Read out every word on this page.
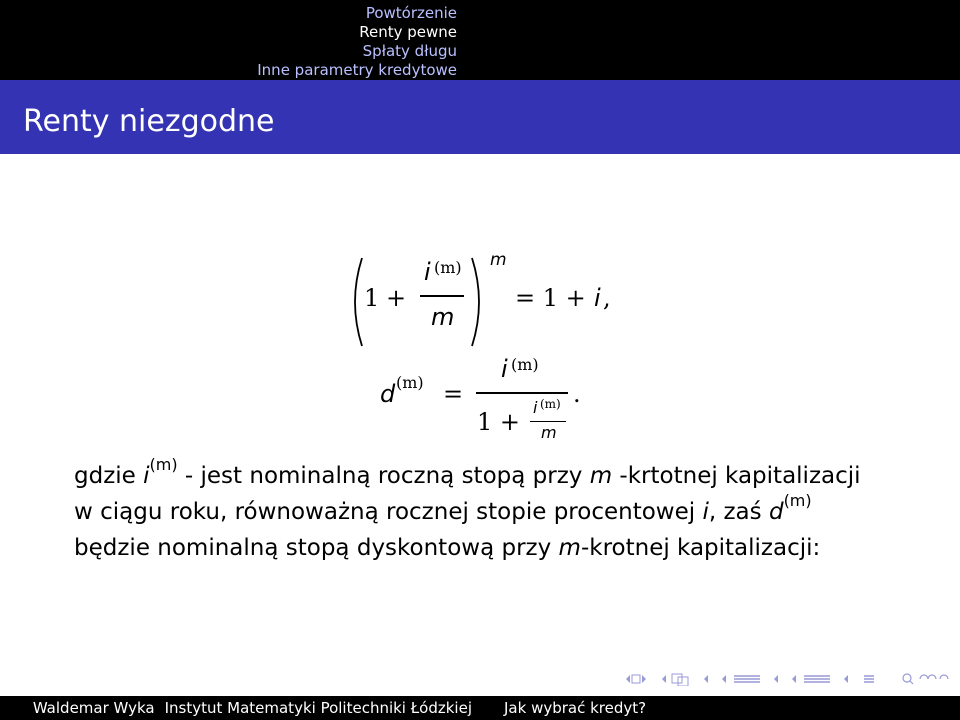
Powtórzenie
Renty pewne
Spłaty długu
Inne parametry kredytowe
Renty niezgodne
1 +
i (m)
m
m
= 1 + i ,
d (m) =
i (m)
1 +
i (m)
m
.
gdzie $i^{(m)}$ - jest nominalną roczną stopą przy m -krtotnej kapitalizacji w ciągu roku, równoważną rocznej stopie procentowej i, zaś $d^{(m)}$ będzie nominalną stopą dyskontową przy m-krotnej kapitalizacji:
Waldemar Wyka Instytut Matematyki Politechniki Łódzkiej Jak wybrać kredyt?
